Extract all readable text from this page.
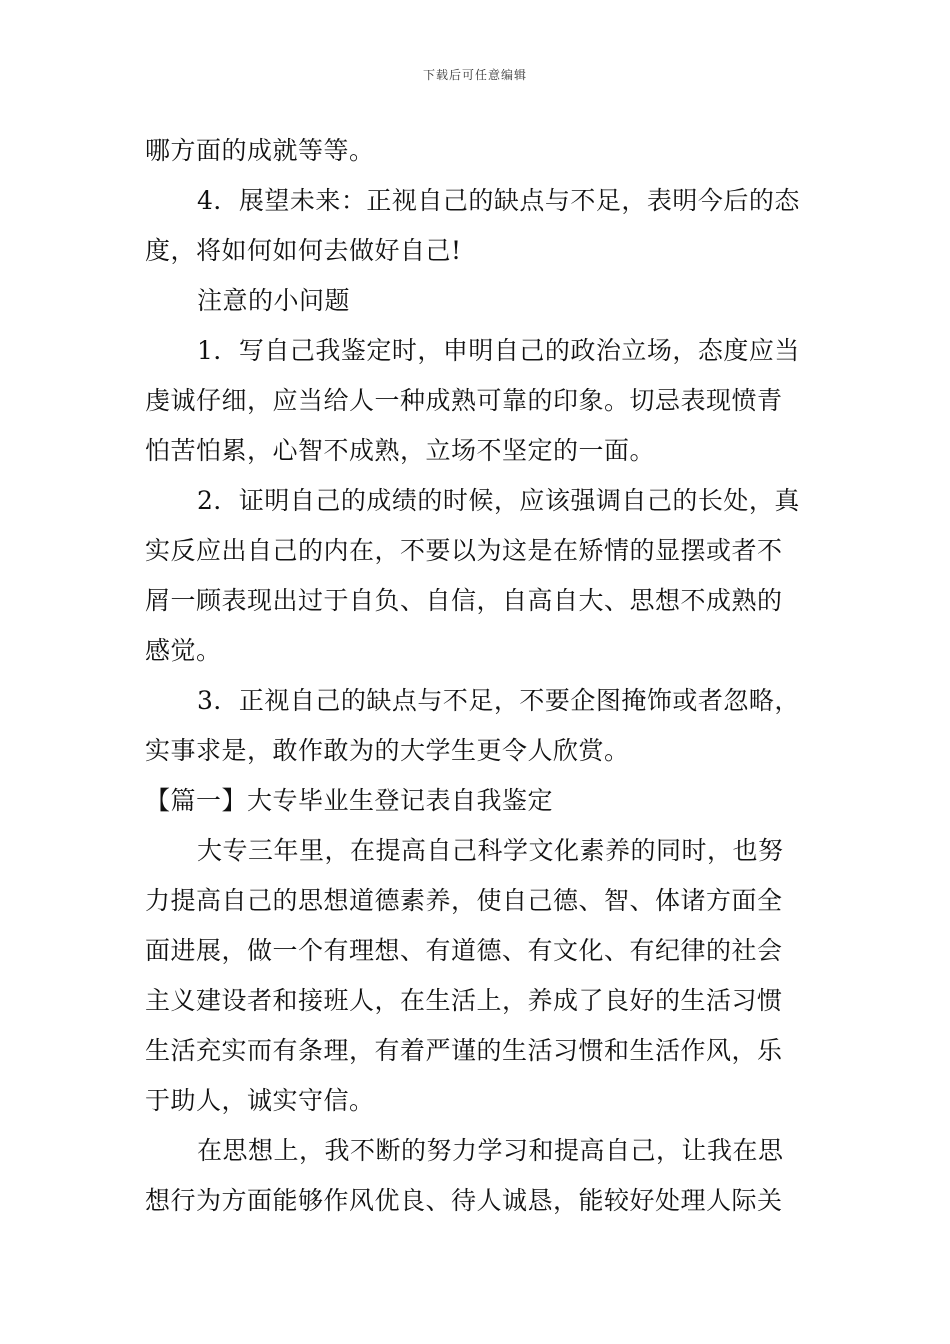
下载后可任意编辑
哪方面的成就等等。
4．展望未来：正视自己的缺点与不足，表明今后的态
度，将如何如何去做好自己!
注意的小问题
1．写自己我鉴定时，申明自己的政治立场，态度应当
虔诚仔细，应当给人一种成熟可靠的印象。切忌表现愤青
怕苦怕累，心智不成熟，立场不坚定的一面。
2．证明自己的成绩的时候，应该强调自己的长处，真
实反应出自己的内在，不要以为这是在矫情的显摆或者不
屑一顾表现出过于自负、自信，自高自大、思想不成熟的
感觉。
3．正视自己的缺点与不足，不要企图掩饰或者忽略，
实事求是，敢作敢为的大学生更令人欣赏。
【篇一】大专毕业生登记表自我鉴定
大专三年里，在提高自己科学文化素养的同时，也努
力提高自己的思想道德素养，使自己德、智、体诸方面全
面进展，做一个有理想、有道德、有文化、有纪律的社会
主义建设者和接班人，在生活上，养成了良好的生活习惯
生活充实而有条理，有着严谨的生活习惯和生活作风，乐
于助人，诚实守信。
在思想上，我不断的努力学习和提高自己，让我在思
想行为方面能够作风优良、待人诚恳，能较好处理人际关
